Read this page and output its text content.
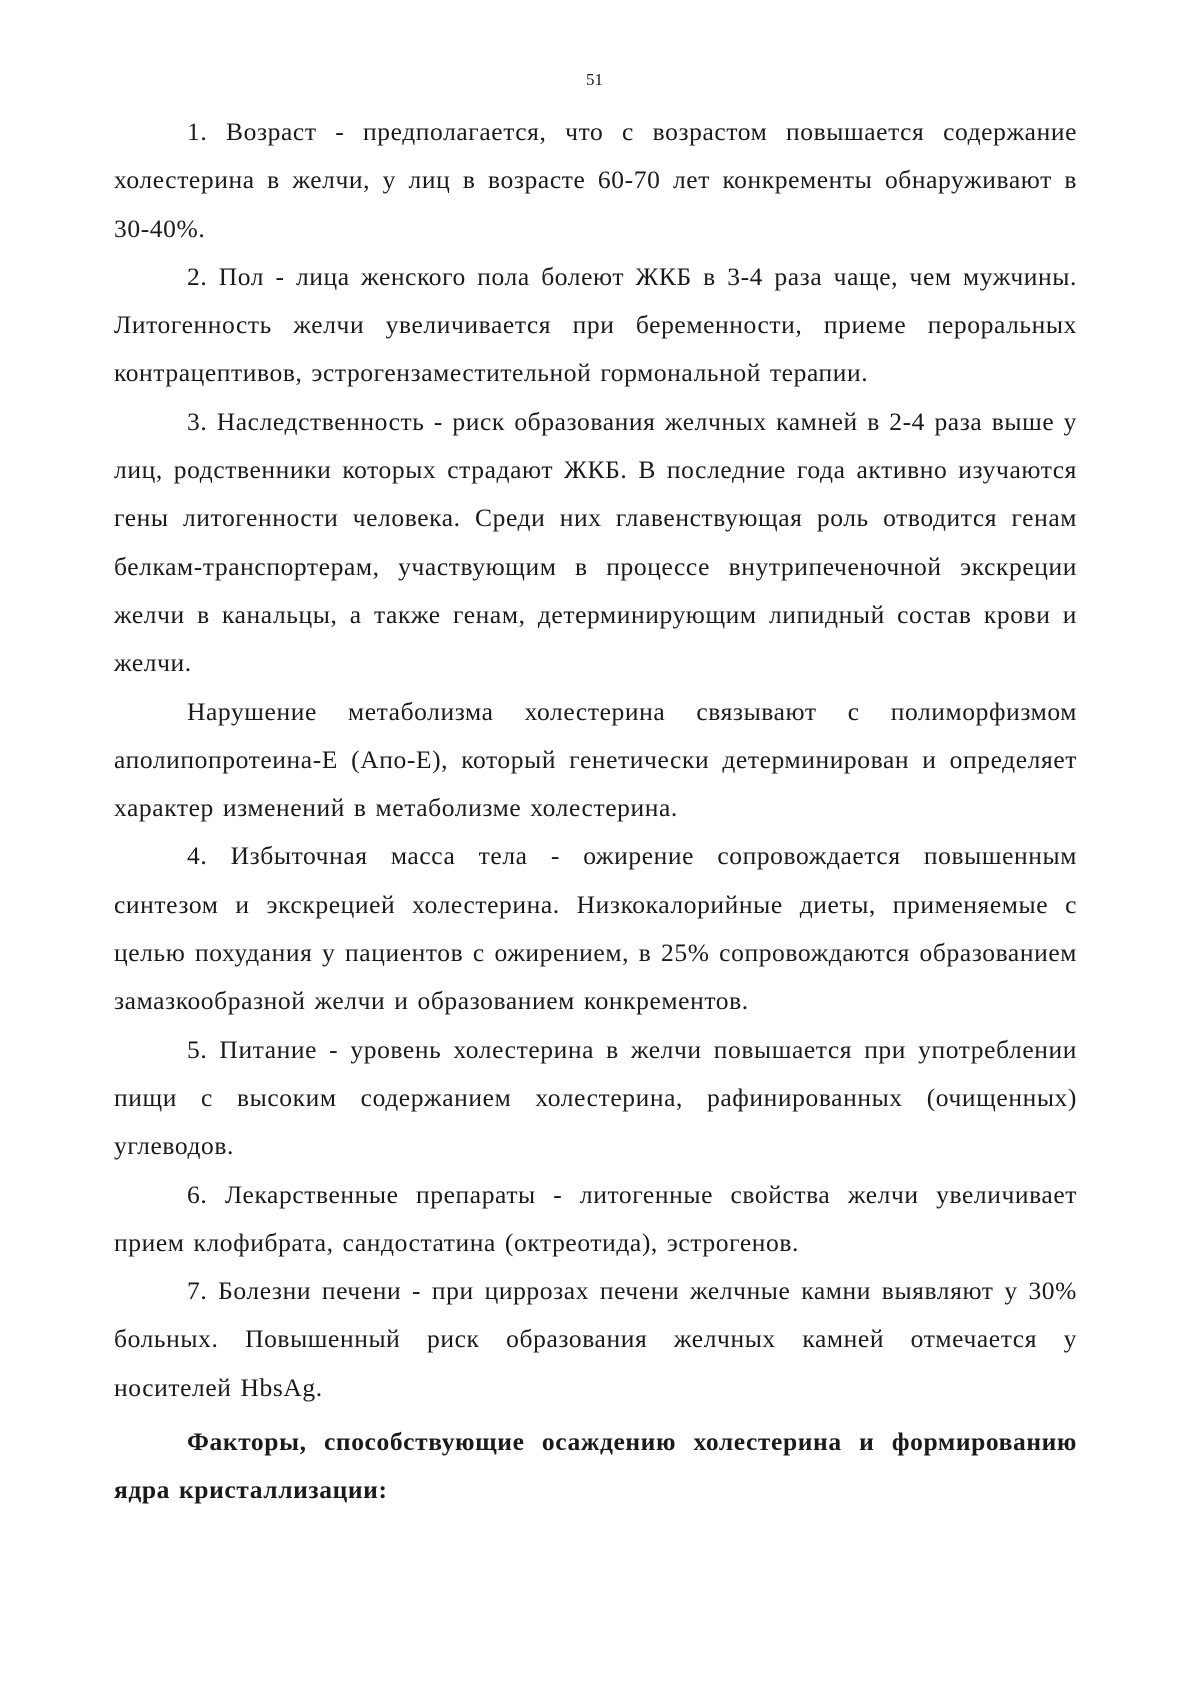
51

1. Возраст - предполагается, что с возрастом повышается содержание холестерина в желчи, у лиц в возрасте 60-70 лет конкременты обнаруживают в 30-40%.

2. Пол - лица женского пола болеют ЖКБ в 3-4 раза чаще, чем мужчины. Литогенность желчи увеличивается при беременности, приеме пероральных контрацептивов, эстрогензаместительной гормональной терапии.

3. Наследственность - риск образования желчных камней в 2-4 раза выше у лиц, родственники которых страдают ЖКБ. В последние года активно изучаются гены литогенности человека. Среди них главенствующая роль отводится генам белкам-транспортерам, участвующим в процессе внутрипеченочной экскреции желчи в канальцы, а также генам, детерминирующим липидный состав крови и желчи.

Нарушение метаболизма холестерина связывают с полиморфизмом аполипопротеина-Е (Апо-Е), который генетически детерминирован и определяет характер изменений в метаболизме холестерина.

4. Избыточная масса тела - ожирение сопровождается повышенным синтезом и экскрецией холестерина. Низкокалорийные диеты, применяемые с целью похудания у пациентов с ожирением, в 25% сопровождаются образованием замазкообразной желчи и образованием конкрементов.

5. Питание - уровень холестерина в желчи повышается при употреблении пищи с высоким содержанием холестерина, рафинированных (очищенных) углеводов.

6. Лекарственные препараты - литогенные свойства желчи увеличивает прием клофибрата, сандостатина (октреотида), эстрогенов.

7. Болезни печени - при циррозах печени желчные камни выявляют у 30% больных. Повышенный риск образования желчных камней отмечается у носителей HbsAg.

Факторы, способствующие осаждению холестерина и формированию ядра кристаллизации:
